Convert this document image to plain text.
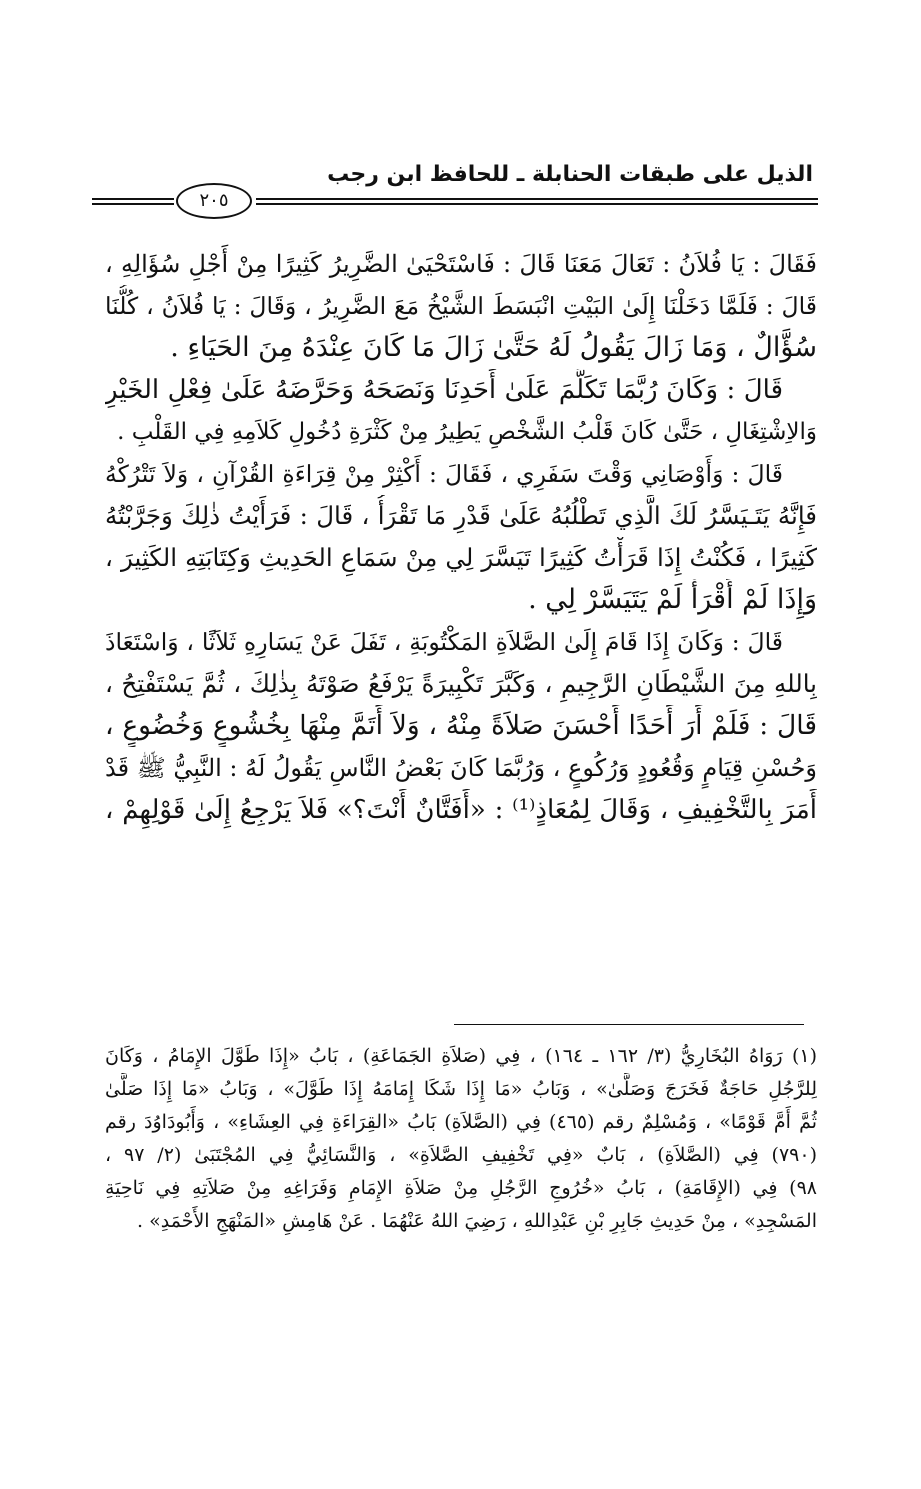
الذيل على طبقات الحنابلة ـ للحافظ ابن رجب
٢٠٥
فَقَالَ : يَا فُلاَنُ : تَعَالَ مَعَنَا قَالَ : فَاسْتَحْيَىٰ الضَّرِيرُ كَثِيرًا مِنْ أَجْلِ سُؤَالِهِ ،
قَالَ : فَلَمَّا دَخَلْنَا إِلَىٰ البَيْتِ انْبَسَطَ الشَّيْخُ مَعَ الضَّرِيرُ ، وَقَالَ : يَا فُلاَنُ ، كُلُّنَا
سُؤَّالٌ ، وَمَا زَالَ يَقُولُ لَهُ حَتَّىٰ زَالَ مَا كَانَ عِنْدَهُ مِنَ الحَيَاءِ .
قَالَ : وَكَانَ رُبَّمَا تَكَلَّمَ عَلَىٰ أَحَدِنَا وَنَصَحَهُ وَحَرَّضَهُ عَلَىٰ فِعْلِ الخَيْرِ
وَالاِشْتِغَالِ ، حَتَّىٰ كَانَ قَلْبُ الشَّخْصِ يَطِيرُ مِنْ كَثْرَةِ دُخُولِ كَلاَمِهِ فِي القَلْبِ .
قَالَ : وَأَوْصَانِي وَقْتَ سَفَرِي ، فَقَالَ : أَكْثِرْ مِنْ قِرَاءَةِ القُرْآنِ ، وَلاَ تَتْرُكْهُ
فَإِنَّهُ يَتَـيَسَّرُ لَكَ الَّذِي تَطْلُبُهُ عَلَىٰ قَدْرِ مَا تَقْرَأُ ، قَالَ : فَرَأَيْتُ ذٰلِكَ وَجَرَّبْتُهُ
كَثِيرًا ، فَكُنْتُ إِذَا قَرَأْتُ كَثِيرًا تَيَسَّرَ لِي مِنْ سَمَاعِ الحَدِيثِ وَكِتَابَتِهِ الكَثِيرَ ،
وَإِذَا لَمْ أَقْرَأْ لَمْ يَتَيَسَّرْ لِي .
قَالَ : وَكَانَ إِذَا قَامَ إِلَىٰ الصَّلاَةِ المَكْتُوبَةِ ، تَفَلَ عَنْ يَسَارِهِ ثَلاَثًا ، وَاسْتَعَاذَ
بِاللهِ مِنَ الشَّيْطَانِ الرَّجِيمِ ، وَكَبَّرَ تَكْبِيرَةً يَرْفَعُ صَوْتَهُ بِذٰلِكَ ، ثُمَّ يَسْتَفْتِحُ ،
قَالَ : فَلَمْ أَرَ أَحَدًا أَحْسَنَ صَلاَةً مِنْهُ ، وَلاَ أَتَمَّ مِنْهَا بِخُشُوعٍ وَخُضُوعٍ ،
وَحُسْنِ قِيَامٍ وَقُعُودٍ وَرُكُوعٍ ، وَرُبَّمَا كَانَ بَعْضُ النَّاسِ يَقُولُ لَهُ : النَّبِيُّ ﷺ قَدْ
أَمَرَ بِالتَّخْفِيفِ ، وَقَالَ لِمُعَاذٍ⁽¹⁾ : «أَفَتَّانٌ أَنْتَ؟» فَلاَ يَرْجِعُ إِلَىٰ قَوْلِهِمْ ،
(١) رَوَاهُ البُخَارِيُّ (٣/ ١٦٢ ـ ١٦٤) ، فِي (صَلاَةِ الجَمَاعَةِ) ، بَابُ «إِذَا طَوَّلَ الإِمَامُ ، وَكَانَ
لِلرَّجُلِ حَاجَةٌ فَخَرَجَ وَصَلَّىٰ» ، وَبَابُ «مَا إِذَا شَكَا إِمَامَهُ إِذَا طَوَّلَ» ، وَبَابُ «مَا إِذَا صَلَّىٰ
ثُمَّ أَمَّ قَوْمًا» ، وَمُسْلِمٌ رقم (٤٦٥) فِي (الصَّلاَةِ) بَابُ «القِرَاءَةِ فِي العِشَاءِ» ، وَأَبُودَاوُدَ رقم
(٧٩٠) فِي (الصَّلاَةِ) ، بَابٌ «فِي تَخْفِيفِ الصَّلاَةِ» ، وَالنَّسَائِيُّ فِي المُجْتَبَىٰ (٢/ ٩٧ ،
٩٨) فِي (الإِقَامَةِ) ، بَابُ «خُرُوجِ الرَّجُلِ مِنْ صَلاَةِ الإِمَامِ وَفَرَاغِهِ مِنْ صَلاَتِهِ فِي نَاحِيَةِ
المَسْجِدِ» ، مِنْ حَدِيثِ جَابِرِ بْنِ عَبْدِاللهِ ، رَضِيَ اللهُ عَنْهُمَا . عَنْ هَامِشِ «المَنْهَجِ الأَحْمَدِ» .
